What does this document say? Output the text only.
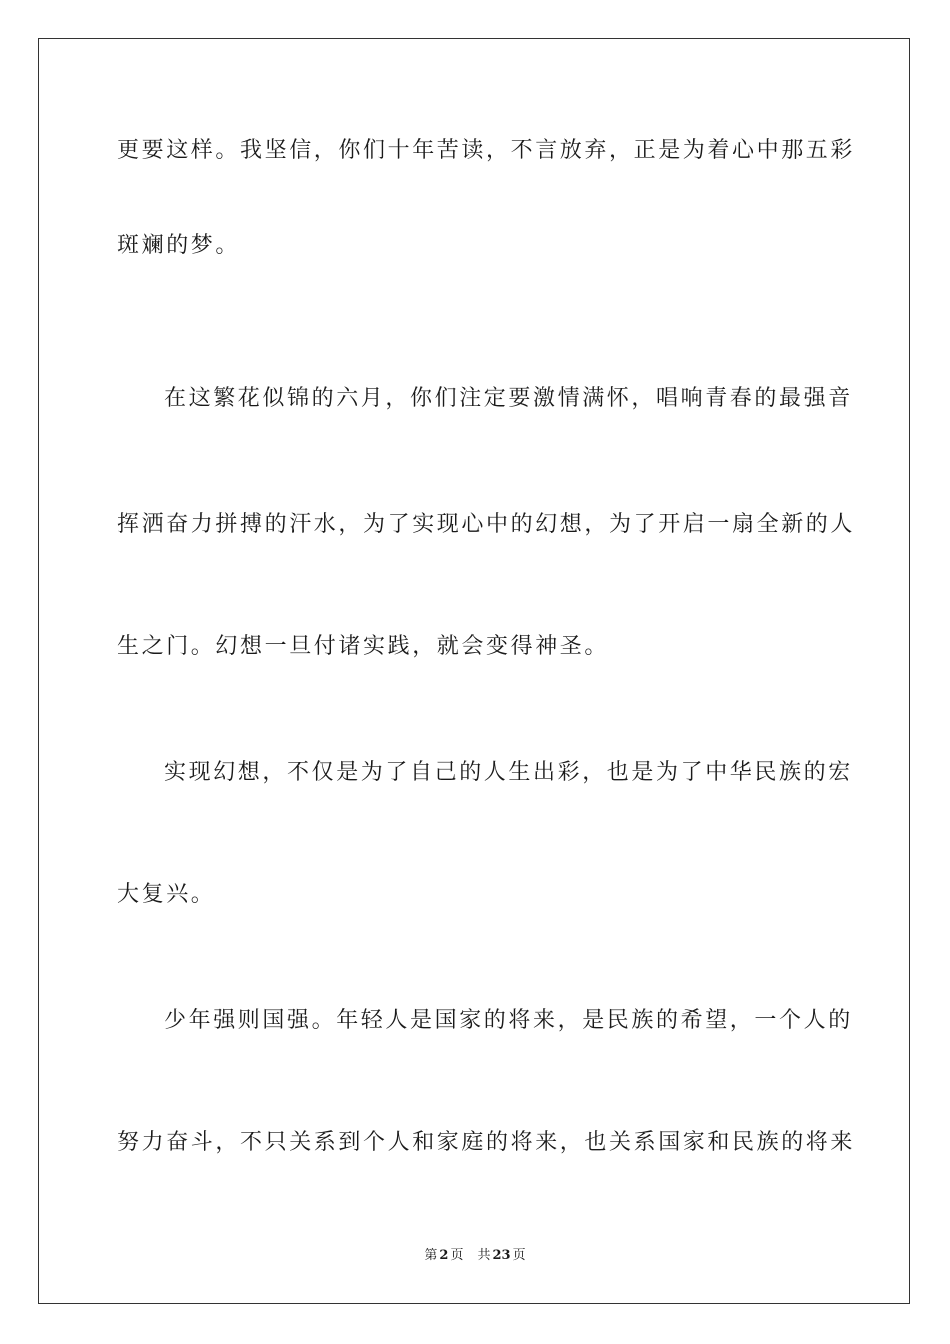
更要这样。我坚信，你们十年苦读，不言放弃，正是为着心中那五彩
斑斓的梦。
在这繁花似锦的六月，你们注定要激情满怀，唱响青春的最强音
挥洒奋力拼搏的汗水，为了实现心中的幻想，为了开启一扇全新的人
生之门。幻想一旦付诸实践，就会变得神圣。
实现幻想，不仅是为了自己的人生出彩，也是为了中华民族的宏
大复兴。
少年强则国强。年轻人是国家的将来，是民族的希望，一个人的
努力奋斗，不只关系到个人和家庭的将来，也关系国家和民族的将来
第 2 页 共 23 页
